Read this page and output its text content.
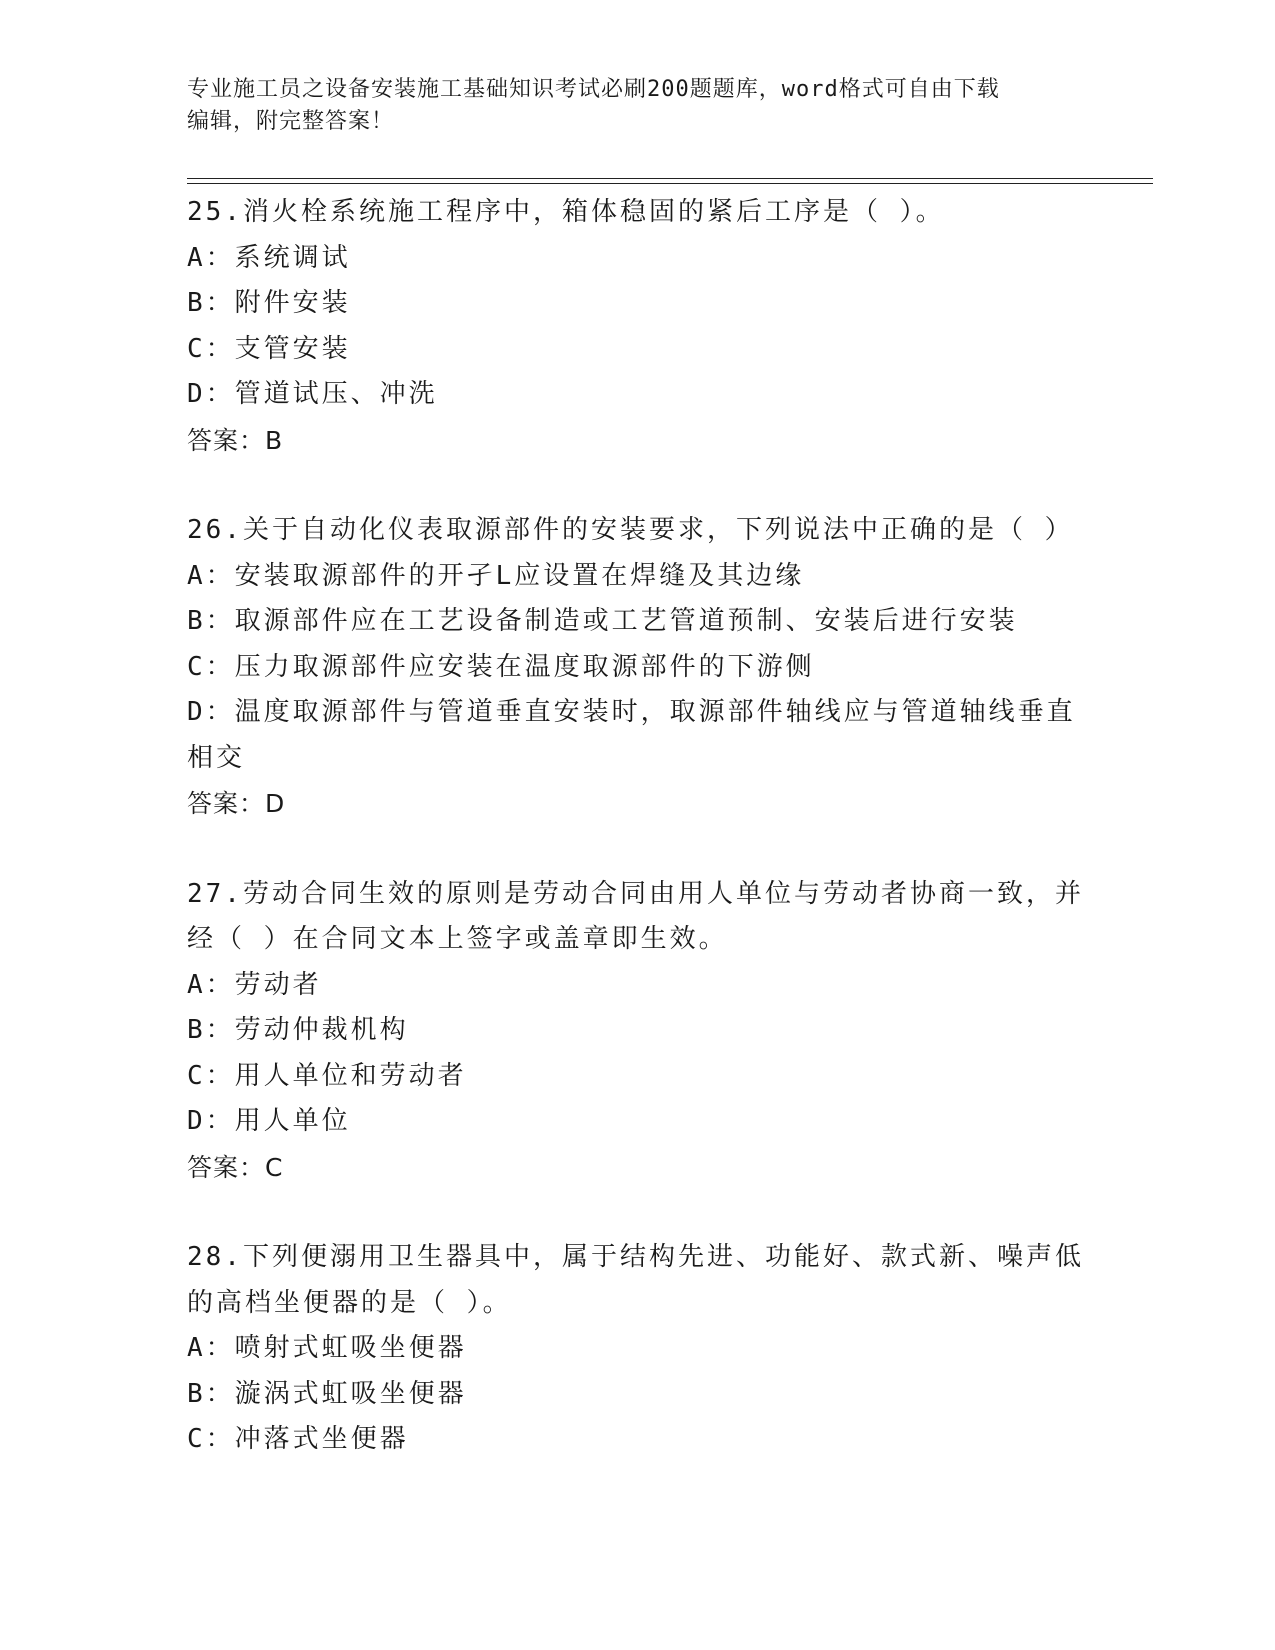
专业施工员之设备安装施工基础知识考试必刷200题题库，word格式可自由下载
编辑，附完整答案！
25.消火栓系统施工程序中，箱体稳固的紧后工序是（ ）。
A：系统调试
B：附件安装
C：支管安装
D：管道试压、冲洗
答案：B
26.关于自动化仪表取源部件的安装要求，下列说法中正确的是（ ）
A：安装取源部件的开孑L应设置在焊缝及其边缘
B：取源部件应在工艺设备制造或工艺管道预制、安装后进行安装
C：压力取源部件应安装在温度取源部件的下游侧
D：温度取源部件与管道垂直安装时，取源部件轴线应与管道轴线垂直
相交
答案：D
27.劳动合同生效的原则是劳动合同由用人单位与劳动者协商一致，并
经（ ）在合同文本上签字或盖章即生效。
A：劳动者
B：劳动仲裁机构
C：用人单位和劳动者
D：用人单位
答案：C
28.下列便溺用卫生器具中，属于结构先进、功能好、款式新、噪声低
的高档坐便器的是（ ）。
A：喷射式虹吸坐便器
B：漩涡式虹吸坐便器
C：冲落式坐便器
